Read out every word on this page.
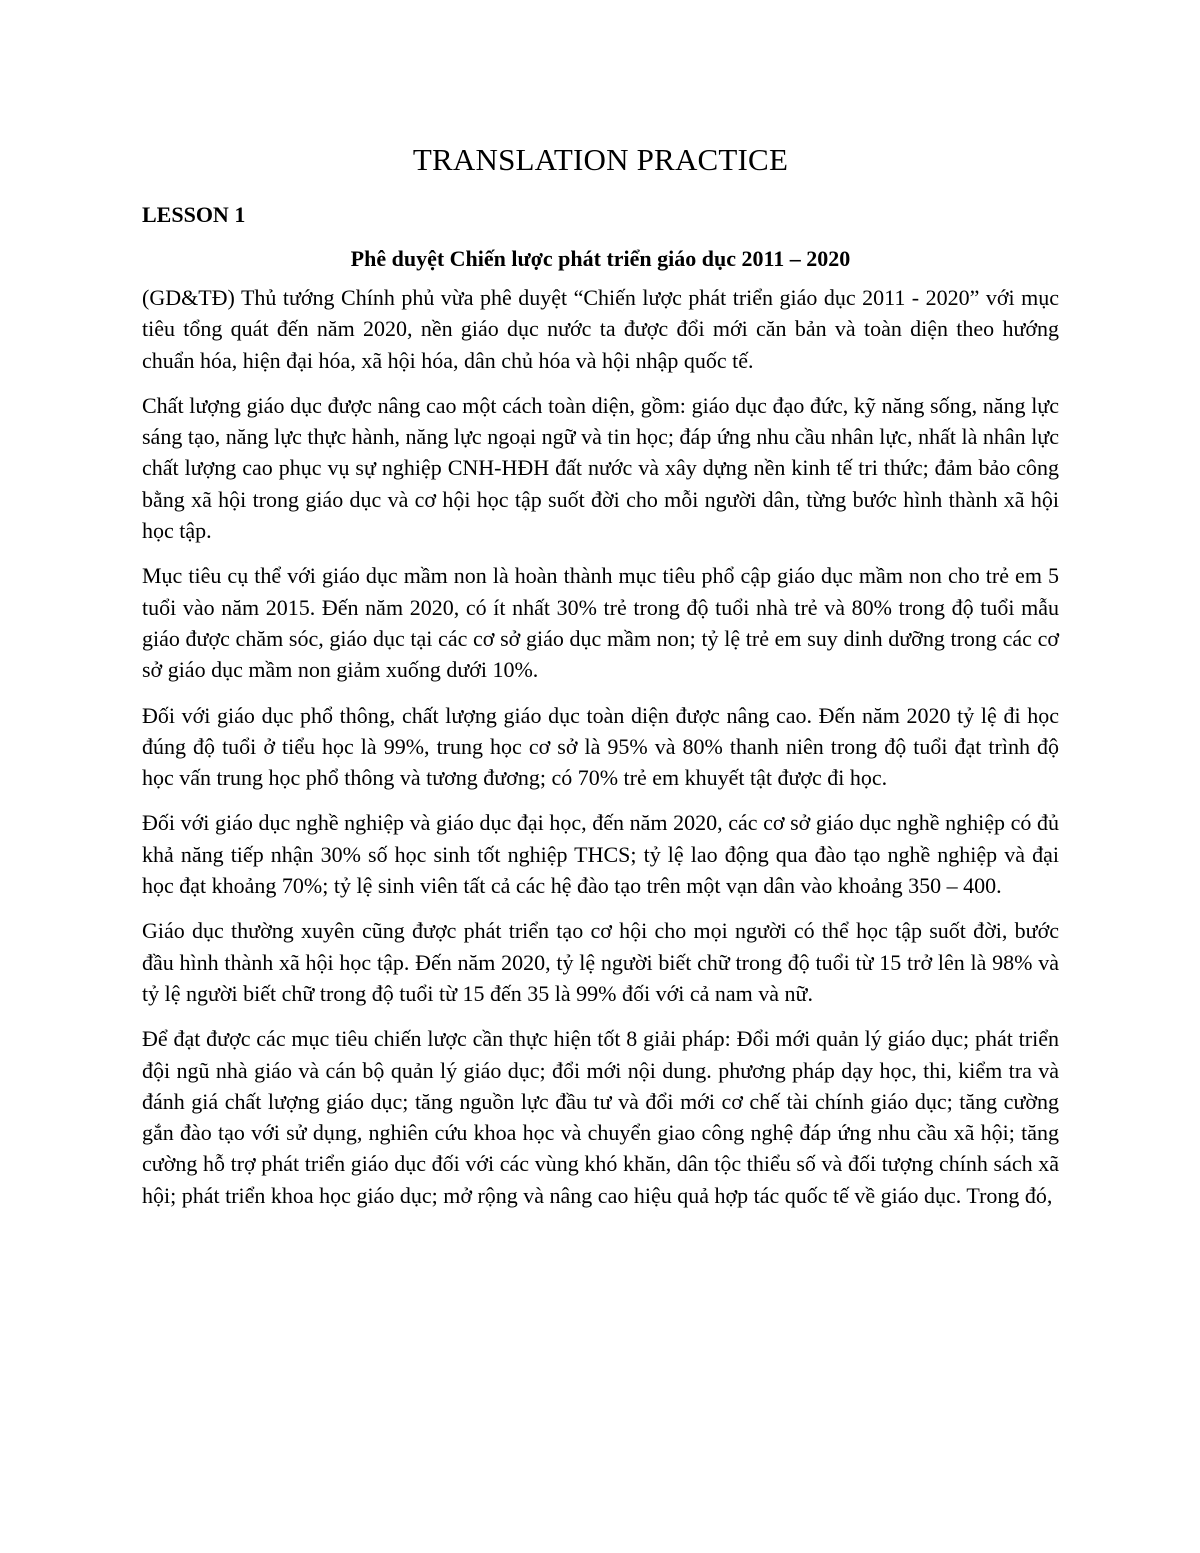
TRANSLATION PRACTICE
LESSON 1
Phê duyệt Chiến lược phát triển giáo dục 2011 – 2020

(GD&TĐ) Thủ tướng Chính phủ vừa phê duyệt “Chiến lược phát triển giáo dục 2011 - 2020” với mục tiêu tổng quát đến năm 2020, nền giáo dục nước ta được đổi mới căn bản và toàn diện theo hướng chuẩn hóa, hiện đại hóa, xã hội hóa, dân chủ hóa và hội nhập quốc tế.

Chất lượng giáo dục được nâng cao một cách toàn diện, gồm: giáo dục đạo đức, kỹ năng sống, năng lực sáng tạo, năng lực thực hành, năng lực ngoại ngữ và tin học; đáp ứng nhu cầu nhân lực, nhất là nhân lực chất lượng cao phục vụ sự nghiệp CNH-HĐH đất nước và xây dựng nền kinh tế tri thức; đảm bảo công bằng xã hội trong giáo dục và cơ hội học tập suốt đời cho mỗi người dân, từng bước hình thành xã hội học tập.

Mục tiêu cụ thể với giáo dục mầm non là hoàn thành mục tiêu phổ cập giáo dục mầm non cho trẻ em 5 tuổi vào năm 2015. Đến năm 2020, có ít nhất 30% trẻ trong độ tuổi nhà trẻ và 80% trong độ tuổi mẫu giáo được chăm sóc, giáo dục tại các cơ sở giáo dục mầm non; tỷ lệ trẻ em suy dinh dưỡng trong các cơ sở giáo dục mầm non giảm xuống dưới 10%.

Đối với giáo dục phổ thông, chất lượng giáo dục toàn diện được nâng cao. Đến năm 2020 tỷ lệ đi học đúng độ tuổi ở tiểu học là 99%, trung học cơ sở là 95% và 80% thanh niên trong độ tuổi đạt trình độ học vấn trung học phổ thông và tương đương; có 70% trẻ em khuyết tật được đi học.

Đối với giáo dục nghề nghiệp và giáo dục đại học, đến năm 2020, các cơ sở giáo dục nghề nghiệp có đủ khả năng tiếp nhận 30% số học sinh tốt nghiệp THCS; tỷ lệ lao động qua đào tạo nghề nghiệp và đại học đạt khoảng 70%; tỷ lệ sinh viên tất cả các hệ đào tạo trên một vạn dân vào khoảng 350 – 400.

Giáo dục thường xuyên cũng được phát triển tạo cơ hội cho mọi người có thể học tập suốt đời, bước đầu hình thành xã hội học tập. Đến năm 2020, tỷ lệ người biết chữ trong độ tuổi từ 15 trở lên là 98% và tỷ lệ người biết chữ trong độ tuổi từ 15 đến 35 là 99% đối với cả nam và nữ.

Để đạt được các mục tiêu chiến lược cần thực hiện tốt 8 giải pháp: Đổi mới quản lý giáo dục; phát triển đội ngũ nhà giáo và cán bộ quản lý giáo dục; đổi mới nội dung. phương pháp dạy học, thi, kiểm tra và đánh giá chất lượng giáo dục; tăng nguồn lực đầu tư và đổi mới cơ chế tài chính giáo dục; tăng cường gắn đào tạo với sử dụng, nghiên cứu khoa học và chuyển giao công nghệ đáp ứng nhu cầu xã hội; tăng cường hỗ trợ phát triển giáo dục đối với các vùng khó khăn, dân tộc thiểu số và đối tượng chính sách xã hội; phát triển khoa học giáo dục; mở rộng và nâng cao hiệu quả hợp tác quốc tế về giáo dục. Trong đó,
